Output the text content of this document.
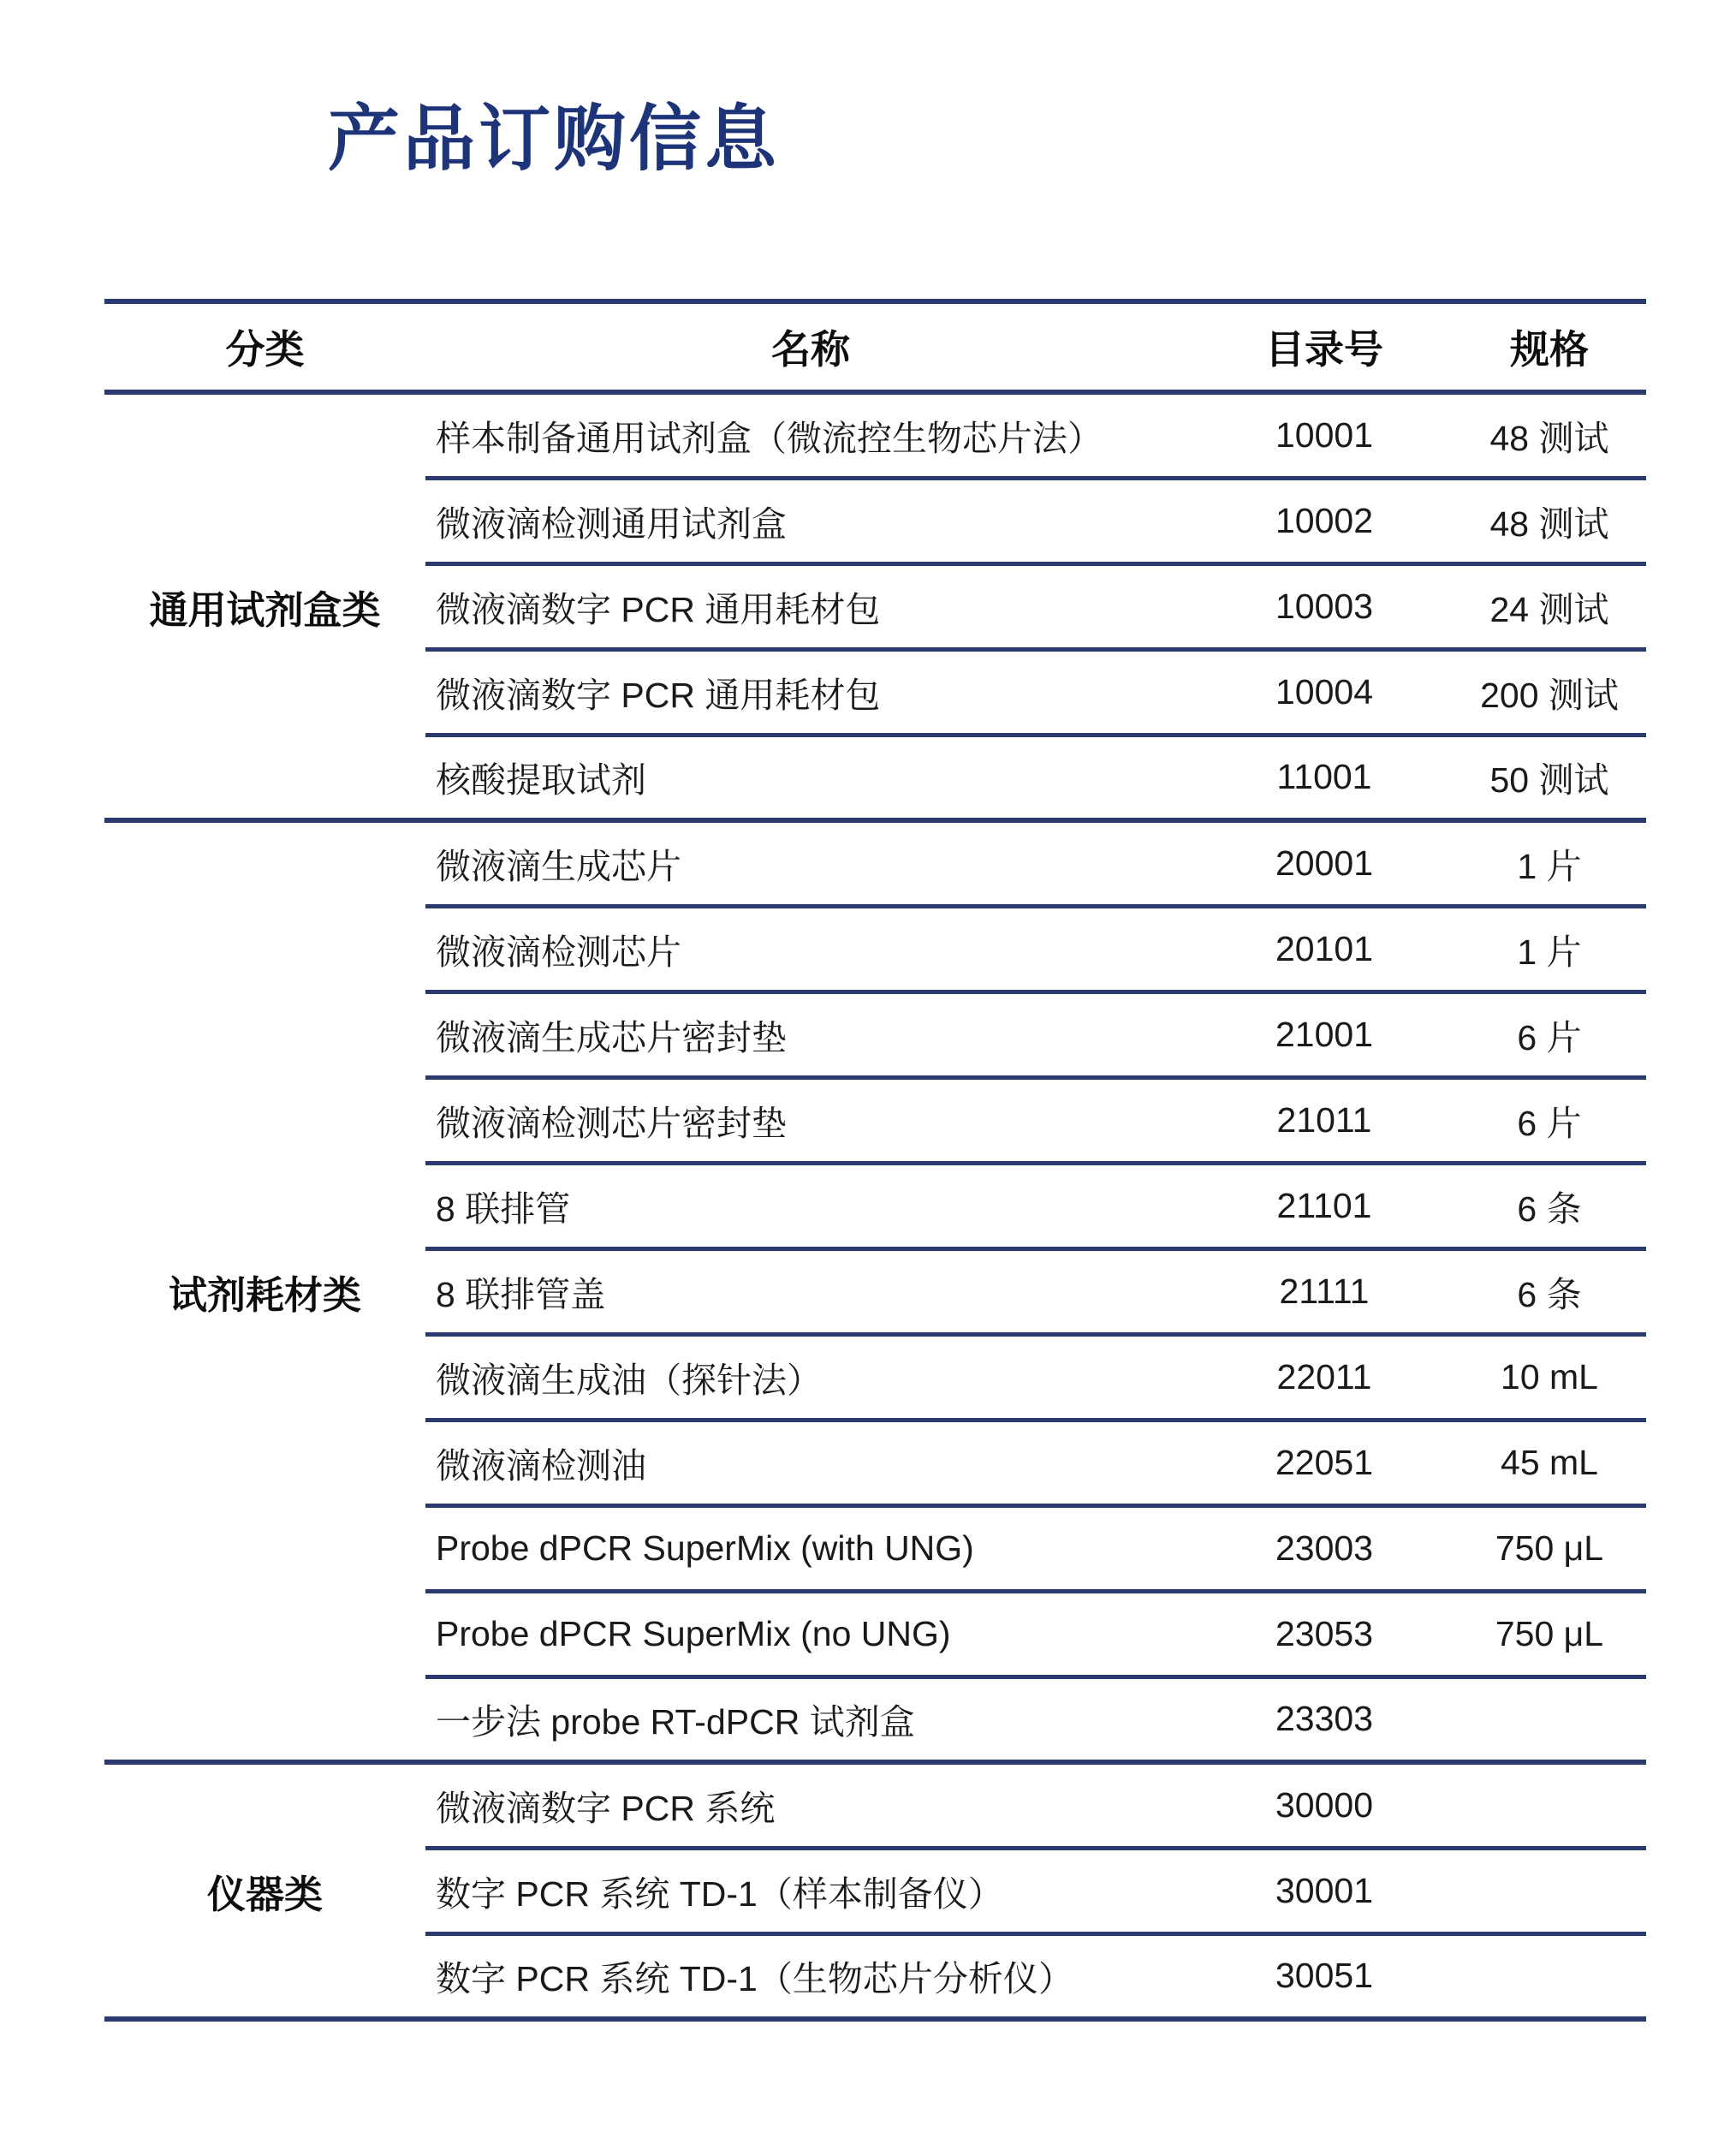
产品订购信息
分类	名称	目录号	规格
通用试剂盒类	样本制备通用试剂盒（微流控生物芯片法）	10001	48 测试
	微液滴检测通用试剂盒	10002	48 测试
	微液滴数字 PCR 通用耗材包	10003	24 测试
	微液滴数字 PCR 通用耗材包	10004	200 测试
	核酸提取试剂	11001	50 测试
试剂耗材类	微液滴生成芯片	20001	1 片
	微液滴检测芯片	20101	1 片
	微液滴生成芯片密封垫	21001	6 片
	微液滴检测芯片密封垫	21011	6 片
	8 联排管	21101	6 条
	8 联排管盖	21111	6 条
	微液滴生成油（探针法）	22011	10 mL
	微液滴检测油	22051	45 mL
	Probe dPCR SuperMix (with UNG)	23003	750 μL
	Probe dPCR SuperMix (no UNG)	23053	750 μL
	一步法 probe RT-dPCR 试剂盒	23303	
仪器类	微液滴数字 PCR 系统	30000	
	数字 PCR 系统 TD-1（样本制备仪）	30001	
	数字 PCR 系统 TD-1（生物芯片分析仪）	30051	
